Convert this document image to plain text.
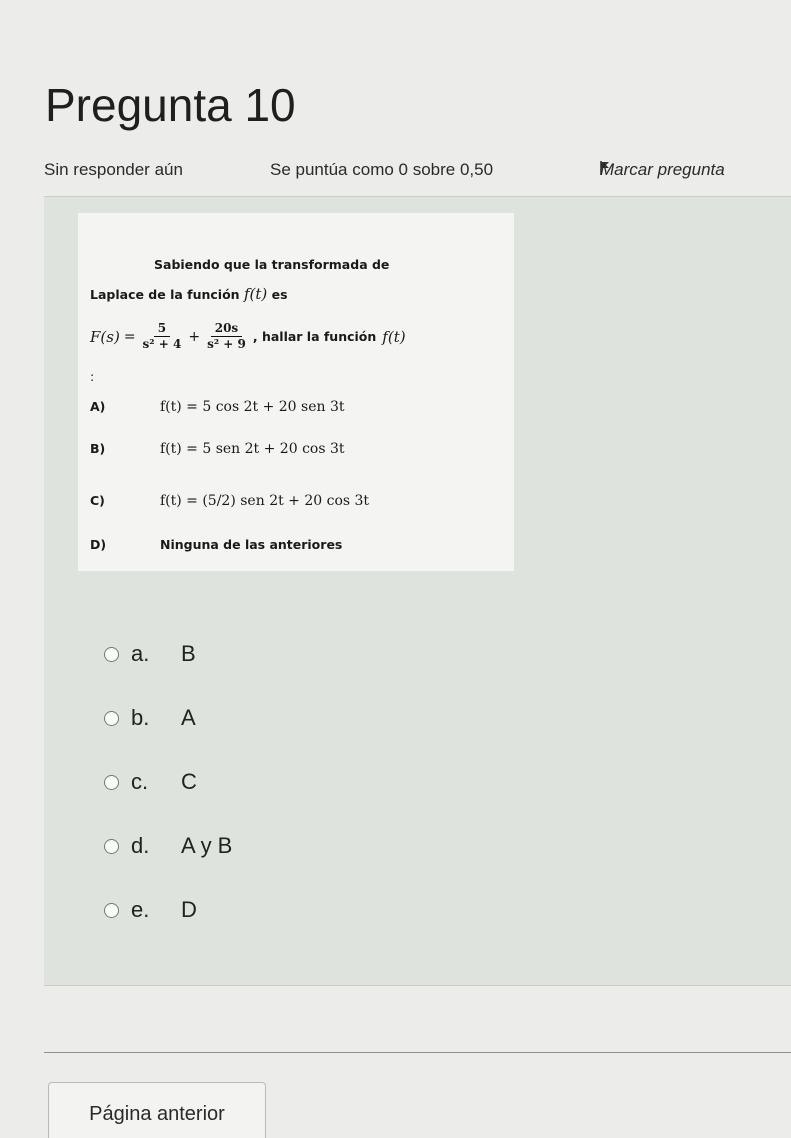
Pregunta 10
Sin responder aún	Se puntúa como 0 sobre 0,50	Marcar pregunta
Sabiendo que la transformada de
Laplace de la función f(t) es
$F(s) = \frac{5}{\text{s² + 4}} + \frac{20s}{\text{s² + 9}}$ , hallar la función f(t)
:
A)	f(t) = 5 cos 2t + 20 sen 3t
B)	f(t) = 5 sen 2t + 20 cos 3t
C)	f(t) = (5/2) sen 2t + 20 cos 3t
D)	Ninguna de las anteriores
a.	B
b.	A
c.	C
d.	A y B
e.	D
Página anterior
